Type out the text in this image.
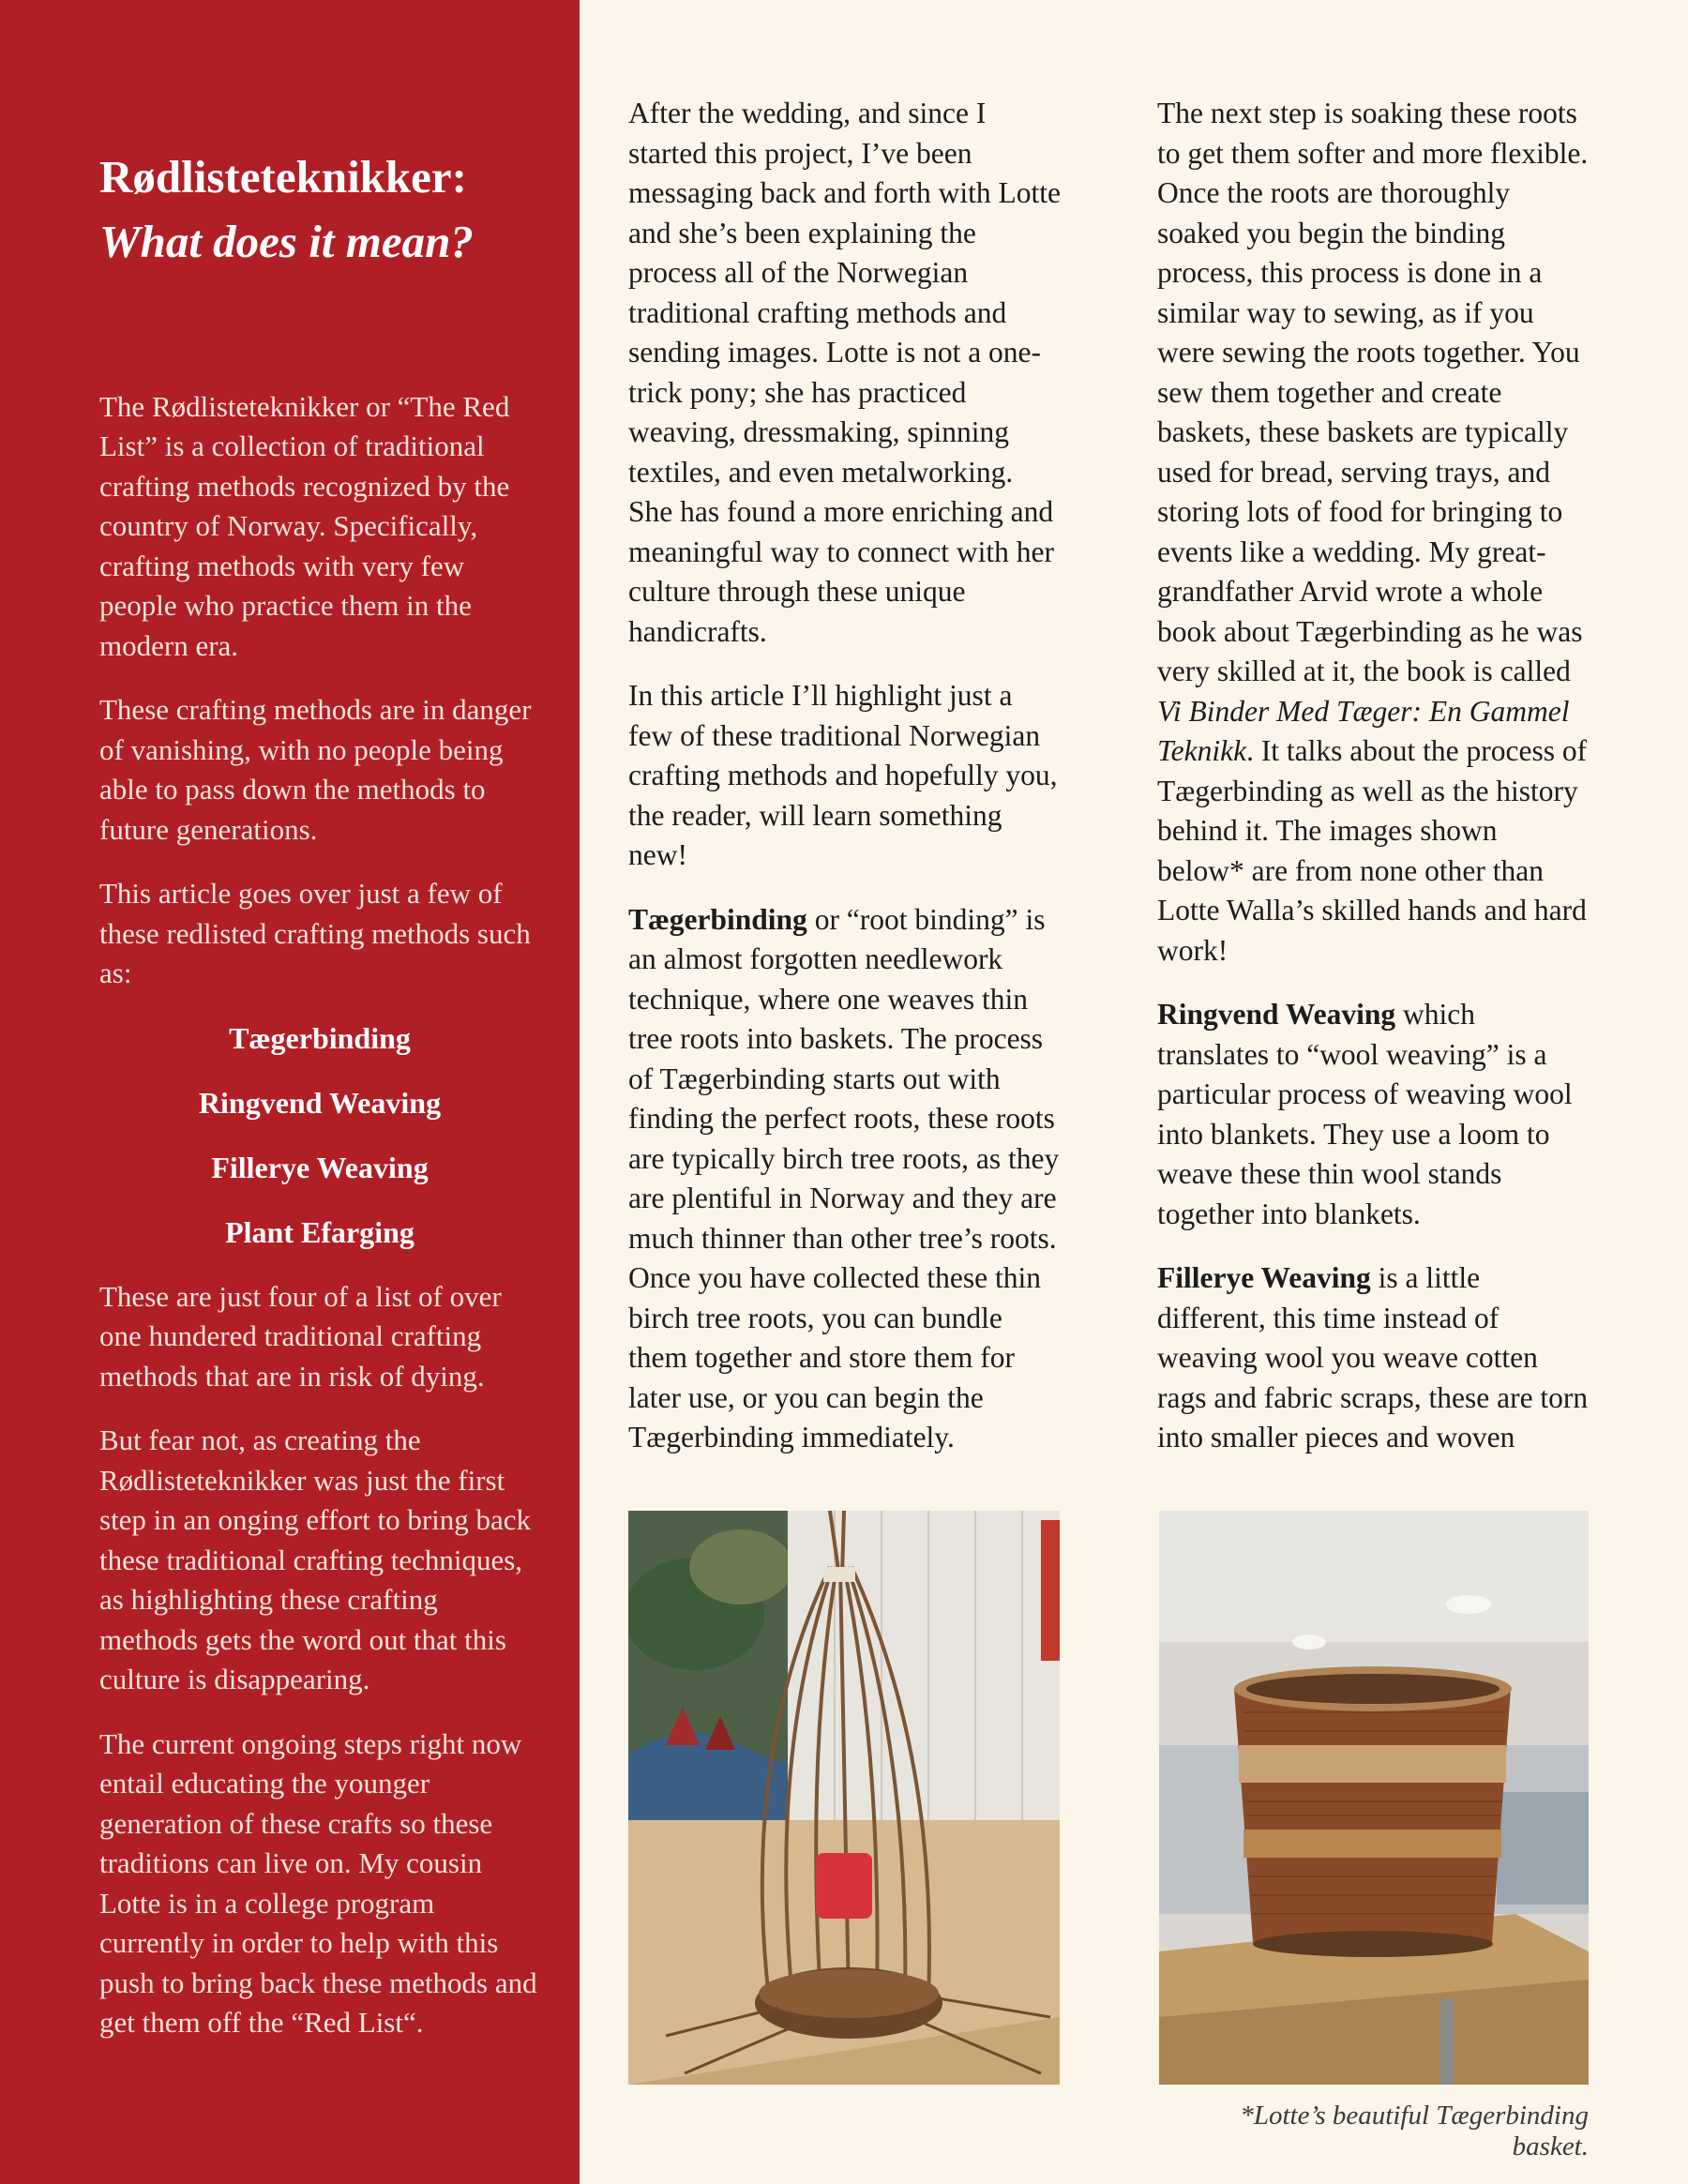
Rødlisteteknikker:
What does it mean?

The Rødlisteteknikker or “The Red List” is a collection of traditional crafting methods recognized by the country of Norway. Specifically, crafting methods with very few people who practice them in the modern era.

These crafting methods are in danger of vanishing, with no people being able to pass down the methods to future generations.

This article goes over just a few of these redlisted crafting methods such as:

Tægerbinding
Ringvend Weaving
Fillerye Weaving
Plant Efarging

These are just four of a list of over one hundered traditional crafting methods that are in risk of dying.

But fear not, as creating the Rødlisteteknikker was just the first step in an onging effort to bring back these traditional crafting techniques, as highlighting these crafting methods gets the word out that this culture is disappearing.

The current ongoing steps right now entail educating the younger generation of these crafts so these traditions can live on. My cousin Lotte is in a college program currently in order to help with this push to bring back these methods and get them off the “Red List“.

After the wedding, and since I started this project, I’ve been messaging back and forth with Lotte and she’s been explaining the process all of the Norwegian traditional crafting methods and sending images. Lotte is not a one-trick pony; she has practiced weaving, dressmaking, spinning textiles, and even metalworking. She has found a more enriching and meaningful way to connect with her culture through these unique handicrafts.

In this article I’ll highlight just a few of these traditional Norwegian crafting methods and hopefully you, the reader, will learn something new!

Tægerbinding or “root binding” is an almost forgotten needlework technique, where one weaves thin tree roots into baskets. The process of Tægerbinding starts out with finding the perfect roots, these roots are typically birch tree roots, as they are plentiful in Norway and they are much thinner than other tree’s roots. Once you have collected these thin birch tree roots, you can bundle them together and store them for later use, or you can begin the Tægerbinding immediately.

The next step is soaking these roots to get them softer and more flexible. Once the roots are thoroughly soaked you begin the binding process, this process is done in a similar way to sewing, as if you were sewing the roots together. You sew them together and create baskets, these baskets are typically used for bread, serving trays, and storing lots of food for bringing to events like a wedding. My great-grandfather Arvid wrote a whole book about Tægerbinding as he was very skilled at it, the book is called Vi Binder Med Tæger: En Gammel Teknikk. It talks about the process of Tægerbinding as well as the history behind it. The images shown below* are from none other than Lotte Walla’s skilled hands and hard work!

Ringvend Weaving which translates to “wool weaving” is a particular process of weaving wool into blankets. They use a loom to weave these thin wool stands together into blankets.

Fillerye Weaving is a little different, this time instead of weaving wool you weave cotten rags and fabric scraps, these are torn into smaller pieces and woven

*Lotte’s beautiful Tægerbinding basket.
